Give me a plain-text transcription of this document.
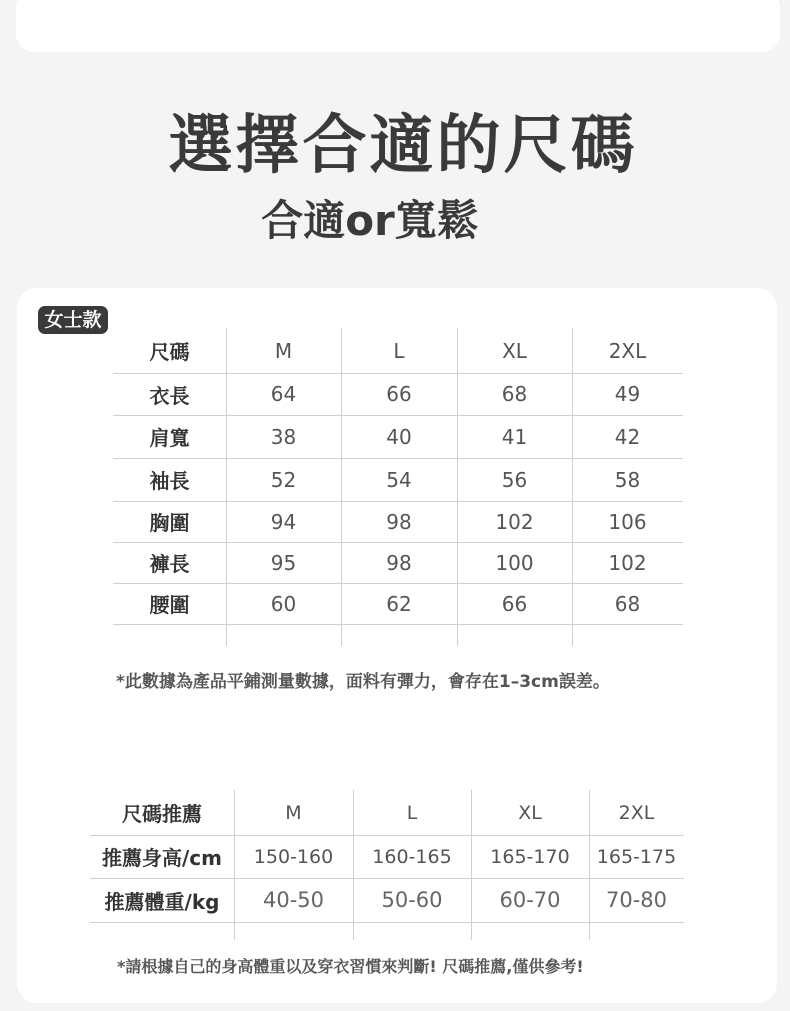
選擇合適的尺碼
合適or寬鬆
女士款
尺碼	M	L	XL	2XL
衣長	64	66	68	49
肩寬	38	40	41	42
袖長	52	54	56	58
胸圍	94	98	102	106
褲長	95	98	100	102
腰圍	60	62	66	68
*此數據為產品平鋪測量數據，面料有彈力，會存在1–3cm誤差。
尺碼推薦	M	L	XL	2XL
推薦身高/cm	150-160	160-165	165-170	165-175
推薦體重/kg	40-50	50-60	60-70	70-80
*請根據自己的身高體重以及穿衣習慣來判斷! 尺碼推薦,僅供參考!
